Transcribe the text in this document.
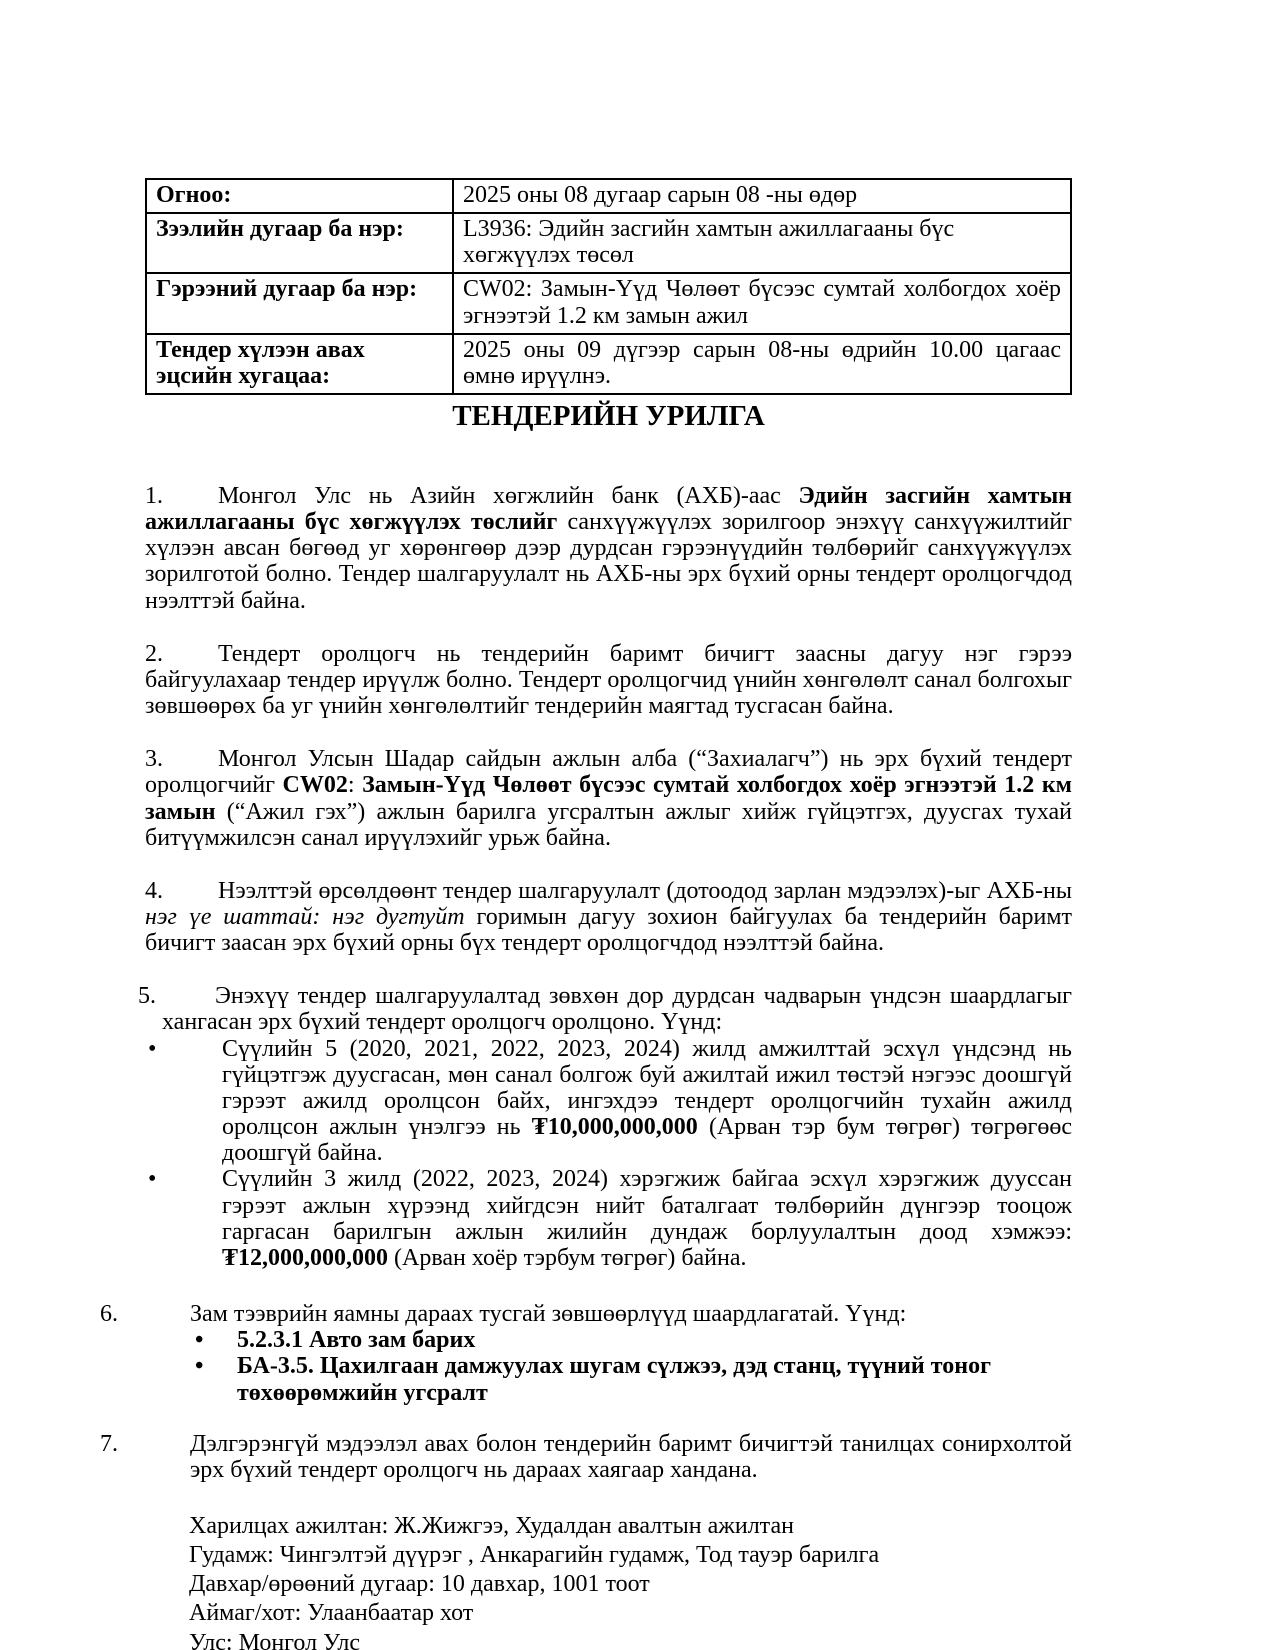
Огноо:	2025 оны 08 дугаар сарын 08 -ны өдөр
Зээлийн дугаар ба нэр:	L3936: Эдийн засгийн хамтын ажиллагааны бүс хөгжүүлэх төсөл
Гэрээний дугаар ба нэр:	CW02: Замын-Үүд Чөлөөт бүсээс сумтай холбогдох хоёр эгнээтэй 1.2 км замын ажил
Тендер хүлээн авах эцсийн хугацаа:	2025 оны 09 дүгээр сарын 08-ны өдрийн 10.00 цагаас өмнө ирүүлнэ.
ТЕНДЕРИЙН УРИЛГА
1. Монгол Улс нь Азийн хөгжлийн банк (АХБ)-аас Эдийн засгийн хамтын ажиллагааны бүс хөгжүүлэх төслийг санхүүжүүлэх зорилгоор энэхүү санхүүжилтийг хүлээн авсан бөгөөд уг хөрөнгөөр дээр дурдсан гэрээнүүдийн төлбөрийг санхүүжүүлэх зорилготой болно. Тендер шалгаруулалт нь АХБ-ны эрх бүхий орны тендерт оролцогчдод нээлттэй байна.
2. Тендерт оролцогч нь тендерийн баримт бичигт заасны дагуу нэг гэрээ байгуулахаар тендер ирүүлж болно. Тендерт оролцогчид үнийн хөнгөлөлт санал болгохыг зөвшөөрөх ба уг үнийн хөнгөлөлтийг тендерийн маягтад тусгасан байна.
3. Монгол Улсын Шадар сайдын ажлын алба (“Захиалагч”) нь эрх бүхий тендерт оролцогчийг CW02: Замын-Үүд Чөлөөт бүсээс сумтай холбогдох хоёр эгнээтэй 1.2 км замын (“Ажил гэх”) ажлын барилга угсралтын ажлыг хийж гүйцэтгэх, дуусгах тухай битүүмжилсэн санал ирүүлэхийг урьж байна.
4. Нээлттэй өрсөлдөөнт тендер шалгаруулалт (дотоодод зарлан мэдээлэх)-ыг АХБ-ны нэг үе шаттай: нэг дугтуйт горимын дагуу зохион байгуулах ба тендерийн баримт бичигт заасан эрх бүхий орны бүх тендерт оролцогчдод нээлттэй байна.
5. Энэхүү тендер шалгаруулалтад зөвхөн дор дурдсан чадварын үндсэн шаардлагыг хангасан эрх бүхий тендерт оролцогч оролцоно. Үүнд:
•	Сүүлийн 5 (2020, 2021, 2022, 2023, 2024) жилд амжилттай эсхүл үндсэнд нь гүйцэтгэж дуусгасан, мөн санал болгож буй ажилтай ижил төстэй нэгээс доошгүй гэрээт ажилд оролцсон байх, ингэхдээ тендерт оролцогчийн тухайн ажилд оролцсон ажлын үнэлгээ нь ₮10,000,000,000 (Арван тэр бум төгрөг) төгрөгөөс доошгүй байна.
•	Сүүлийн 3 жилд (2022, 2023, 2024) хэрэгжиж байгаа эсхүл хэрэгжиж дууссан гэрээт ажлын хүрээнд хийгдсэн нийт баталгаат төлбөрийн дүнгээр тооцож гаргасан барилгын ажлын жилийн дундаж борлуулалтын доод хэмжээ: ₮12,000,000,000 (Арван хоёр тэрбум төгрөг) байна.
6.	Зам тээврийн яамны дараах тусгай зөвшөөрлүүд шаардлагатай. Үүнд:
• 5.2.3.1 Авто зам барих
• БА-3.5. Цахилгаан дамжуулах шугам сүлжээ, дэд станц, түүний тоног төхөөрөмжийн угсралт
7.	Дэлгэрэнгүй мэдээлэл авах болон тендерийн баримт бичигтэй танилцах сонирхолтой эрх бүхий тендерт оролцогч нь дараах хаягаар хандана.
Харилцах ажилтан: Ж.Жижгээ, Худалдан авалтын ажилтан
Гудамж: Чингэлтэй дүүрэг , Анкарагийн гудамж, Тод тауэр барилга
Давхар/өрөөний дугаар: 10 давхар, 1001 тоот
Аймаг/хот: Улаанбаатар хот
Улс: Монгол Улс
